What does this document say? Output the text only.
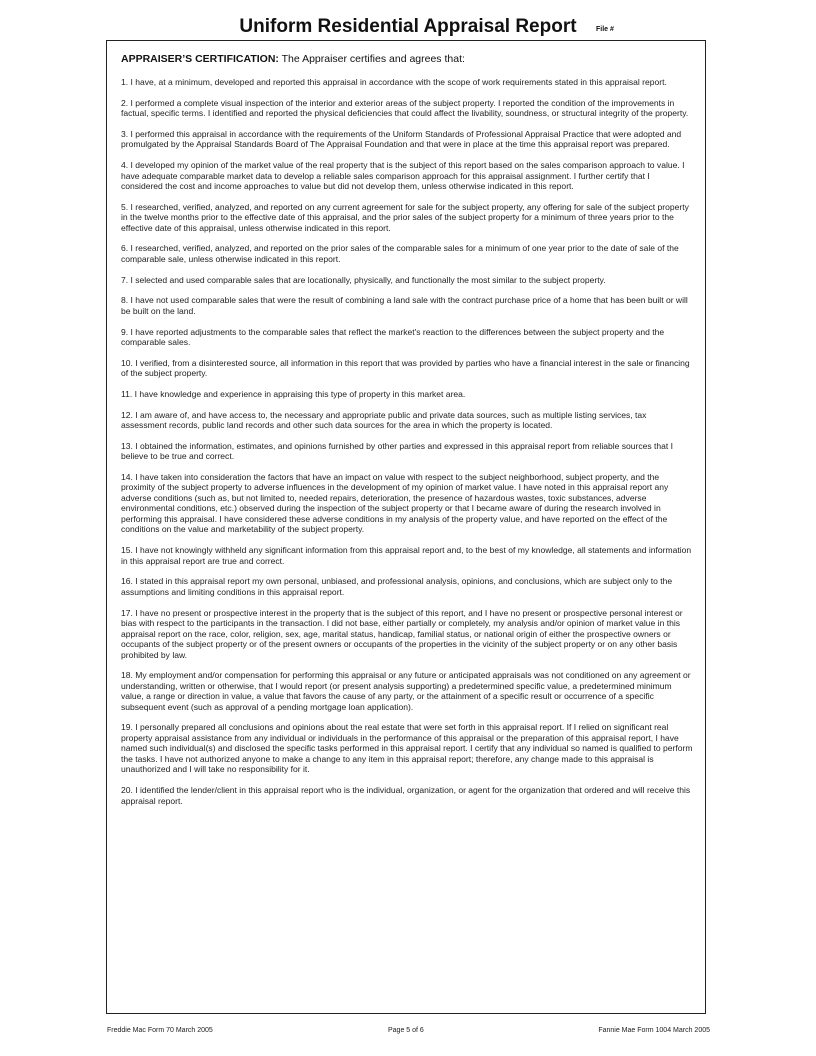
Uniform Residential Appraisal Report	File #
APPRAISER’S CERTIFICATION: The Appraiser certifies and agrees that:

1. I have, at a minimum, developed and reported this appraisal in accordance with the scope of work requirements stated in this appraisal report.

2. I performed a complete visual inspection of the interior and exterior areas of the subject property. I reported the condition of the improvements in factual, specific terms. I identified and reported the physical deficiencies that could affect the livability, soundness, or structural integrity of the property.

3. I performed this appraisal in accordance with the requirements of the Uniform Standards of Professional Appraisal Practice that were adopted and promulgated by the Appraisal Standards Board of The Appraisal Foundation and that were in place at the time this appraisal report was prepared.

4. I developed my opinion of the market value of the real property that is the subject of this report based on the sales comparison approach to value. I have adequate comparable market data to develop a reliable sales comparison approach for this appraisal assignment. I further certify that I considered the cost and income approaches to value but did not develop them, unless otherwise indicated in this report.

5. I researched, verified, analyzed, and reported on any current agreement for sale for the subject property, any offering for sale of the subject property in the twelve months prior to the effective date of this appraisal, and the prior sales of the subject property for a minimum of three years prior to the effective date of this appraisal, unless otherwise indicated in this report.

6. I researched, verified, analyzed, and reported on the prior sales of the comparable sales for a minimum of one year prior to the date of sale of the comparable sale, unless otherwise indicated in this report.

7. I selected and used comparable sales that are locationally, physically, and functionally the most similar to the subject property.

8. I have not used comparable sales that were the result of combining a land sale with the contract purchase price of a home that has been built or will be built on the land.

9. I have reported adjustments to the comparable sales that reflect the market's reaction to the differences between the subject property and the comparable sales.

10. I verified, from a disinterested source, all information in this report that was provided by parties who have a financial interest in the sale or financing of the subject property.

11. I have knowledge and experience in appraising this type of property in this market area.

12. I am aware of, and have access to, the necessary and appropriate public and private data sources, such as multiple listing services, tax assessment records, public land records and other such data sources for the area in which the property is located.

13. I obtained the information, estimates, and opinions furnished by other parties and expressed in this appraisal report from reliable sources that I believe to be true and correct.

14. I have taken into consideration the factors that have an impact on value with respect to the subject neighborhood, subject property, and the proximity of the subject property to adverse influences in the development of my opinion of market value. I have noted in this appraisal report any adverse conditions (such as, but not limited to, needed repairs, deterioration, the presence of hazardous wastes, toxic substances, adverse environmental conditions, etc.) observed during the inspection of the subject property or that I became aware of during the research involved in performing this appraisal. I have considered these adverse conditions in my analysis of the property value, and have reported on the effect of the conditions on the value and marketability of the subject property.

15. I have not knowingly withheld any significant information from this appraisal report and, to the best of my knowledge, all statements and information in this appraisal report are true and correct.

16. I stated in this appraisal report my own personal, unbiased, and professional analysis, opinions, and conclusions, which are subject only to the assumptions and limiting conditions in this appraisal report.

17. I have no present or prospective interest in the property that is the subject of this report, and I have no present or prospective personal interest or bias with respect to the participants in the transaction. I did not base, either partially or completely, my analysis and/or opinion of market value in this appraisal report on the race, color, religion, sex, age, marital status, handicap, familial status, or national origin of either the prospective owners or occupants of the subject property or of the present owners or occupants of the properties in the vicinity of the subject property or on any other basis prohibited by law.

18. My employment and/or compensation for performing this appraisal or any future or anticipated appraisals was not conditioned on any agreement or understanding, written or otherwise, that I would report (or present analysis supporting) a predetermined specific value, a predetermined minimum value, a range or direction in value, a value that favors the cause of any party, or the attainment of a specific result or occurrence of a specific subsequent event (such as approval of a pending mortgage loan application).

19. I personally prepared all conclusions and opinions about the real estate that were set forth in this appraisal report. If I relied on significant real property appraisal assistance from any individual or individuals in the performance of this appraisal or the preparation of this appraisal report, I have named such individual(s) and disclosed the specific tasks performed in this appraisal report. I certify that any individual so named is qualified to perform the tasks. I have not authorized anyone to make a change to any item in this appraisal report; therefore, any change made to this appraisal is unauthorized and I will take no responsibility for it.

20. I identified the lender/client in this appraisal report who is the individual, organization, or agent for the organization that ordered and will receive this appraisal report.

Freddie Mac Form 70 March 2005	Page 5 of 6	Fannie Mae Form 1004 March 2005
